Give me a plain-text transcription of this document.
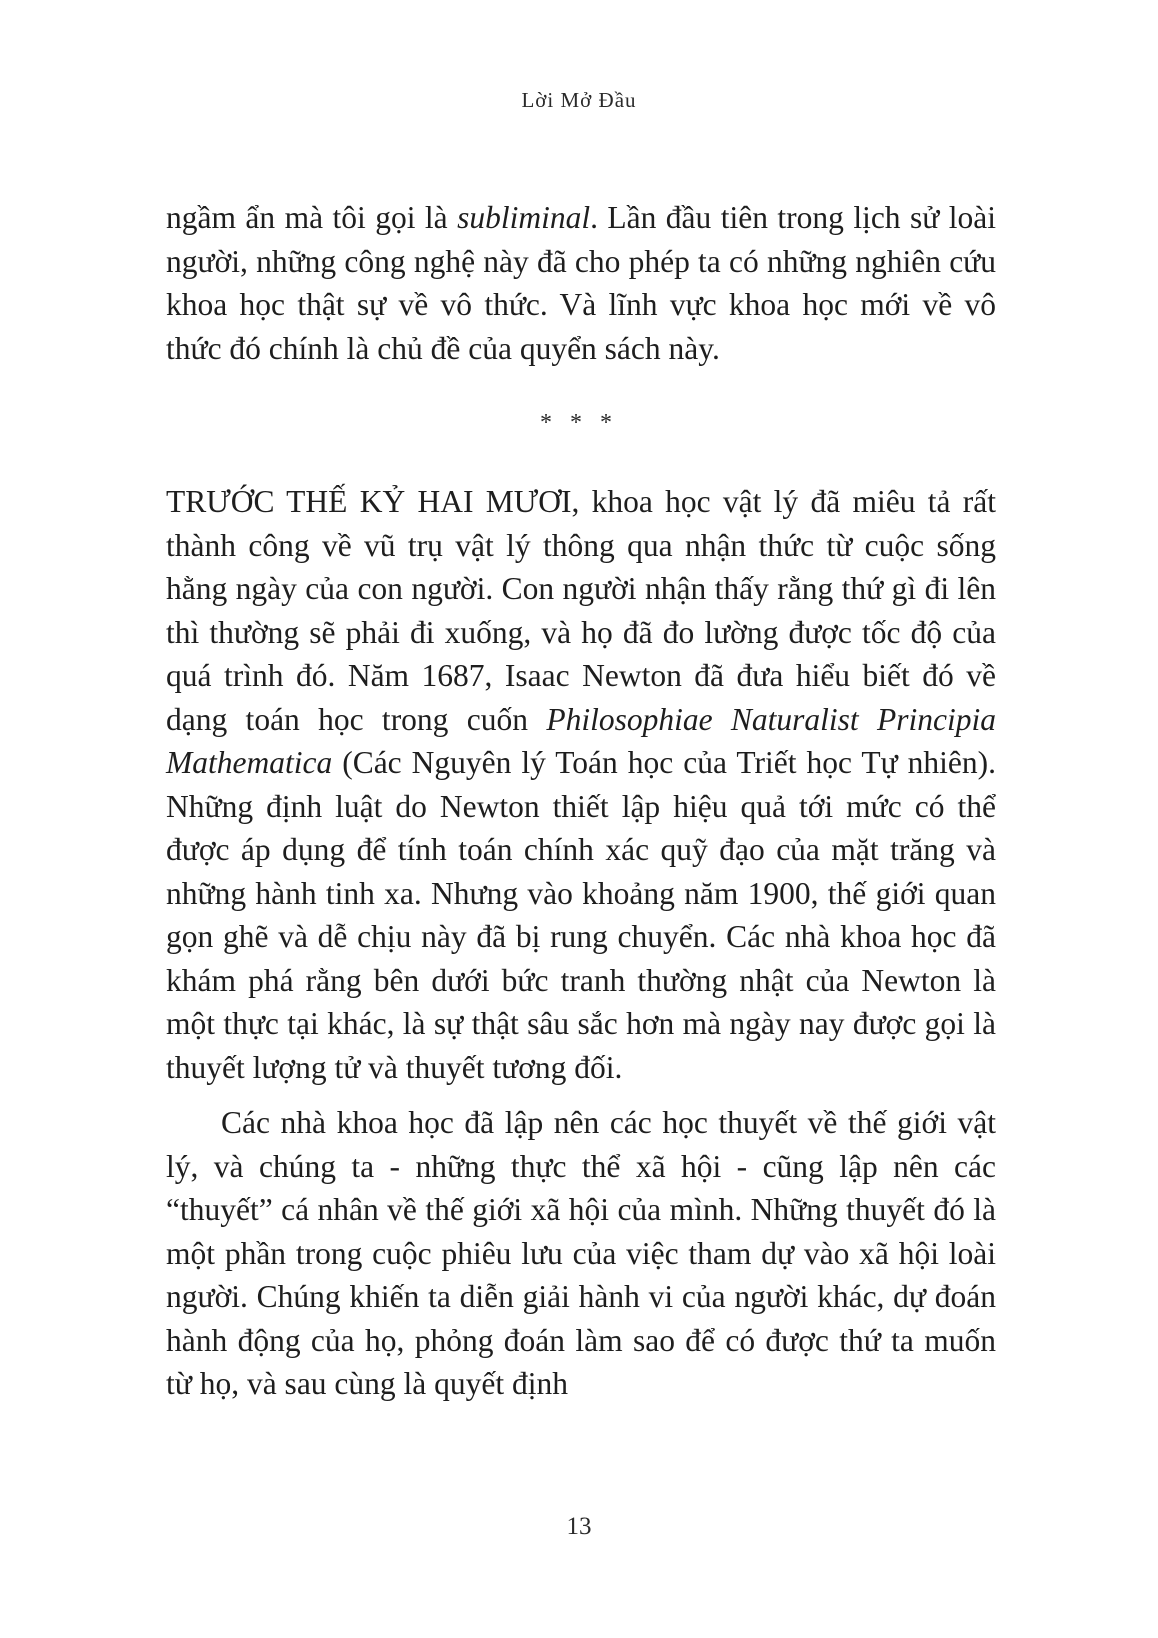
Lời Mở Đầu

ngầm ẩn mà tôi gọi là subliminal. Lần đầu tiên trong lịch sử loài người, những công nghệ này đã cho phép ta có những nghiên cứu khoa học thật sự về vô thức. Và lĩnh vực khoa học mới về vô thức đó chính là chủ đề của quyển sách này.

* * *

TRƯỚC THẾ KỶ HAI MƯƠI, khoa học vật lý đã miêu tả rất thành công về vũ trụ vật lý thông qua nhận thức từ cuộc sống hằng ngày của con người. Con người nhận thấy rằng thứ gì đi lên thì thường sẽ phải đi xuống, và họ đã đo lường được tốc độ của quá trình đó. Năm 1687, Isaac Newton đã đưa hiểu biết đó về dạng toán học trong cuốn Philosophiae Naturalist Principia Mathematica (Các Nguyên lý Toán học của Triết học Tự nhiên). Những định luật do Newton thiết lập hiệu quả tới mức có thể được áp dụng để tính toán chính xác quỹ đạo của mặt trăng và những hành tinh xa. Nhưng vào khoảng năm 1900, thế giới quan gọn ghẽ và dễ chịu này đã bị rung chuyển. Các nhà khoa học đã khám phá rằng bên dưới bức tranh thường nhật của Newton là một thực tại khác, là sự thật sâu sắc hơn mà ngày nay được gọi là thuyết lượng tử và thuyết tương đối.

Các nhà khoa học đã lập nên các học thuyết về thế giới vật lý, và chúng ta - những thực thể xã hội - cũng lập nên các “thuyết” cá nhân về thế giới xã hội của mình. Những thuyết đó là một phần trong cuộc phiêu lưu của việc tham dự vào xã hội loài người. Chúng khiến ta diễn giải hành vi của người khác, dự đoán hành động của họ, phỏng đoán làm sao để có được thứ ta muốn từ họ, và sau cùng là quyết định

13
